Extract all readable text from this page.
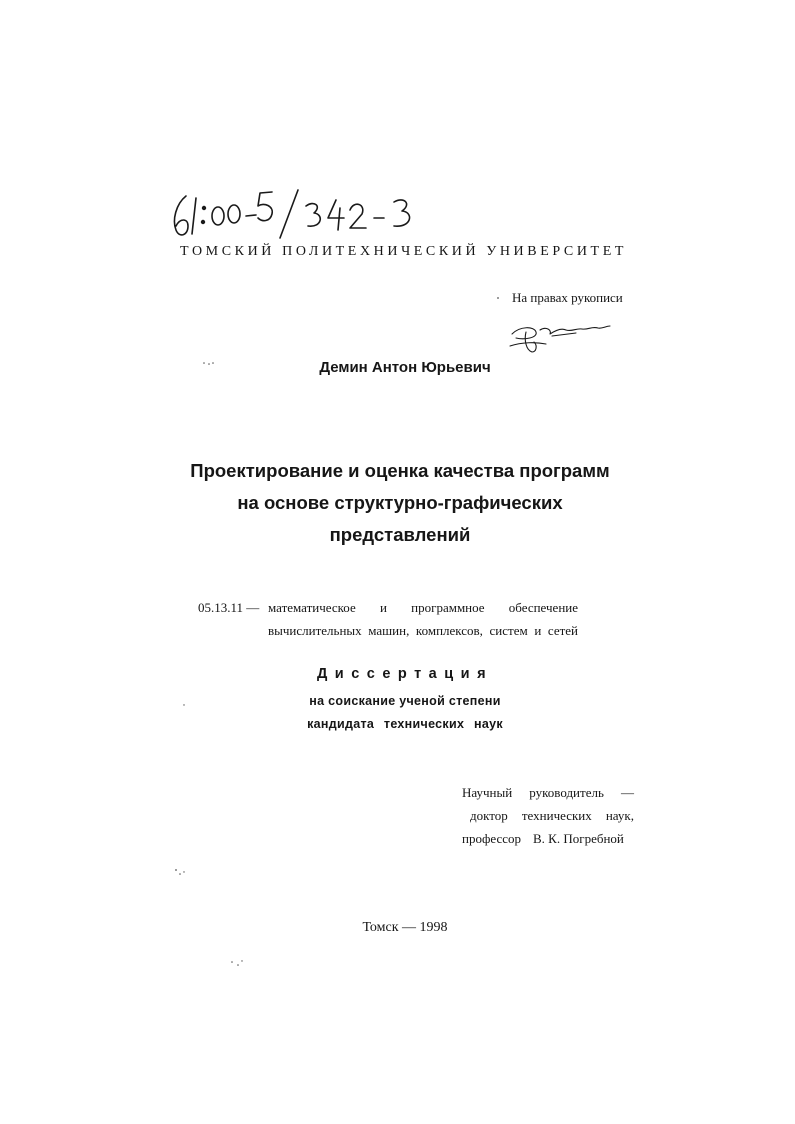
ТОМСКИЙ ПОЛИТЕХНИЧЕСКИЙ УНИВЕРСИТЕТ
На правах рукописи
Демин Антон Юрьевич
Проектирование и оценка качества программ
на основе структурно-графических
представлений
05.13.11 — математическое и программное обеспечение
вычислительных машин, комплексов, систем и сетей
Диссертация
на соискание ученой степени
кандидата технических наук
Научный руководитель —
доктор технических наук,
профессор В. К. Погребной
Томск — 1998
